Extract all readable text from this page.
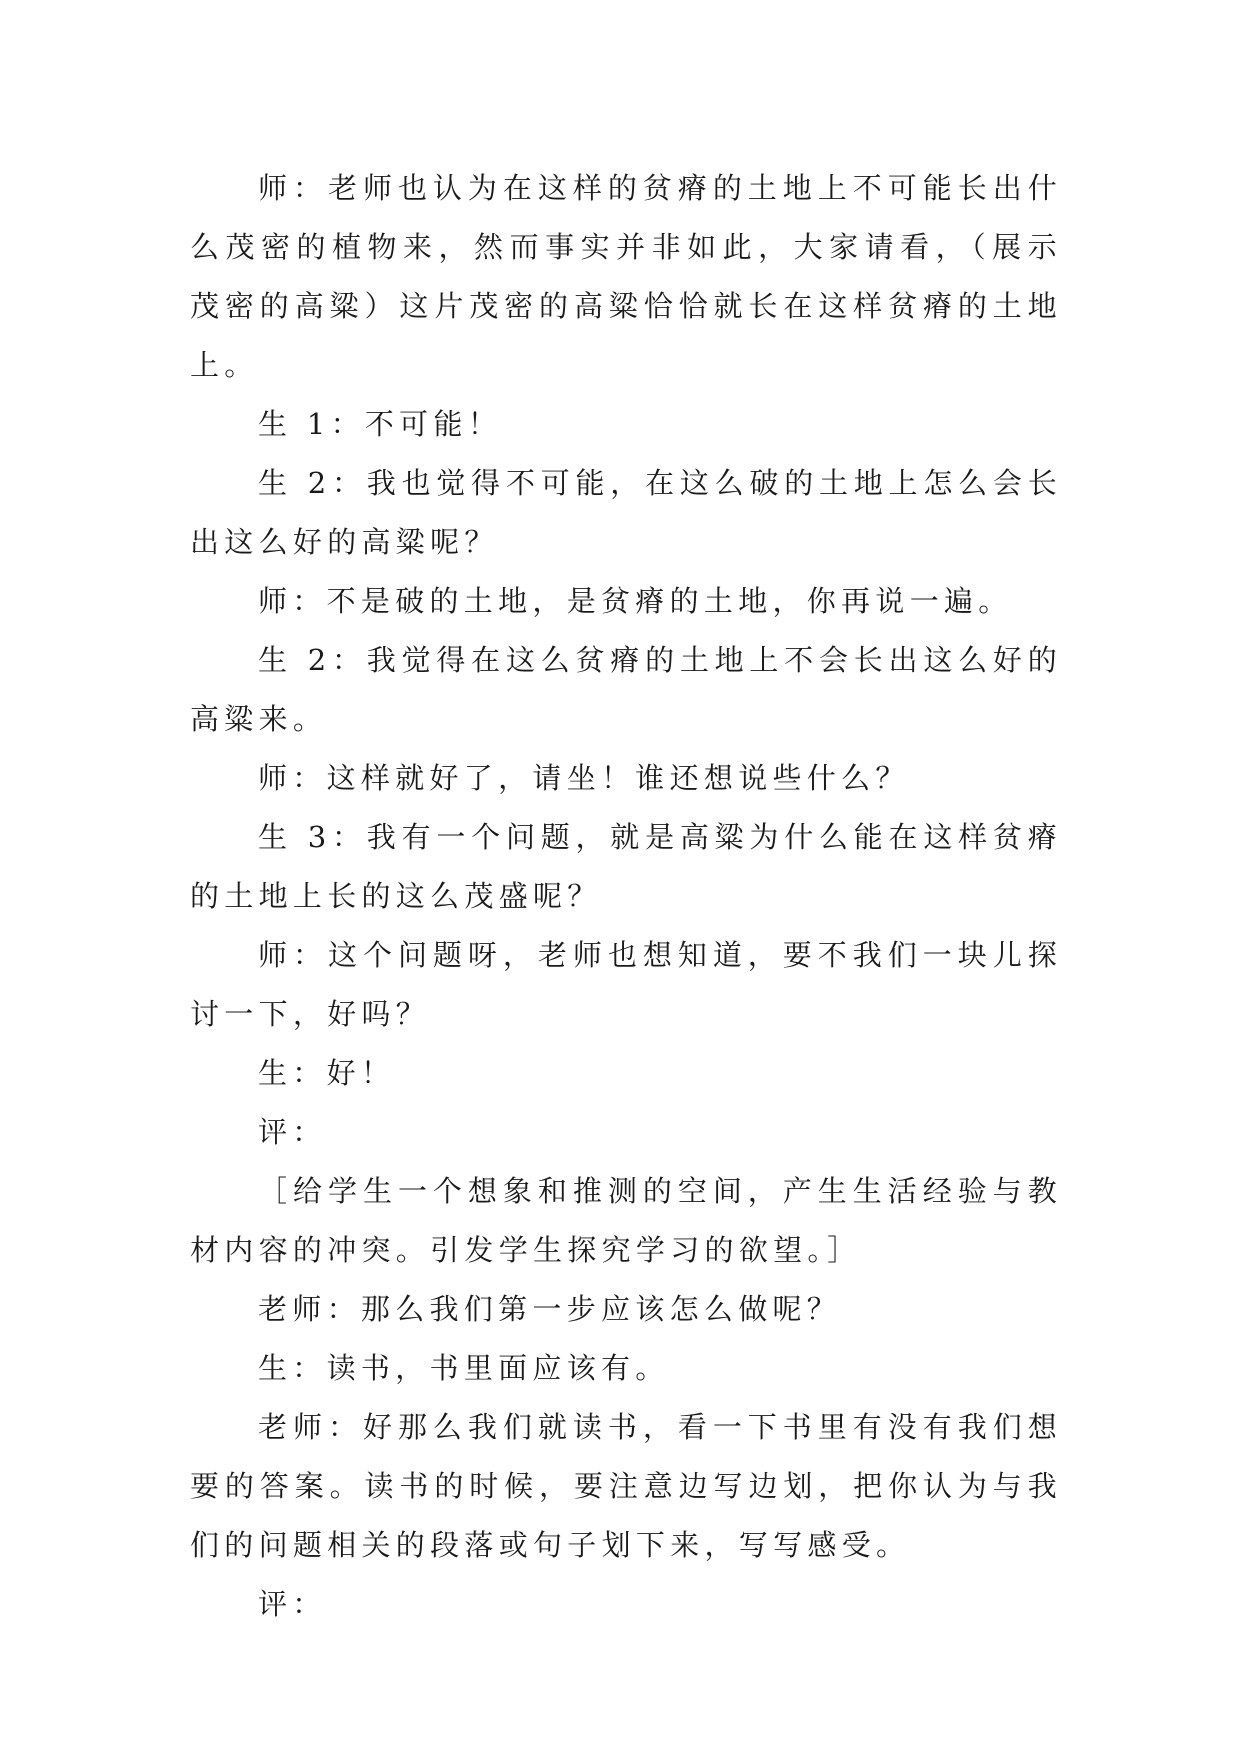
师：老师也认为在这样的贫瘠的土地上不可能长出什么茂密的植物来，然而事实并非如此，大家请看，（展示茂密的高粱）这片茂密的高粱恰恰就长在这样贫瘠的土地上。

生 1：不可能！

生 2：我也觉得不可能，在这么破的土地上怎么会长出这么好的高粱呢？

师：不是破的土地，是贫瘠的土地，你再说一遍。

生 2：我觉得在这么贫瘠的土地上不会长出这么好的高粱来。

师：这样就好了，请坐！谁还想说些什么？

生 3：我有一个问题，就是高粱为什么能在这样贫瘠的土地上长的这么茂盛呢？

师：这个问题呀，老师也想知道，要不我们一块儿探讨一下，好吗？

生：好！

评：

［给学生一个想象和推测的空间，产生生活经验与教材内容的冲突。引发学生探究学习的欲望。］

老师：那么我们第一步应该怎么做呢？

生：读书，书里面应该有。

老师：好那么我们就读书，看一下书里有没有我们想要的答案。读书的时候，要注意边写边划，把你认为与我们的问题相关的段落或句子划下来，写写感受。

评：
